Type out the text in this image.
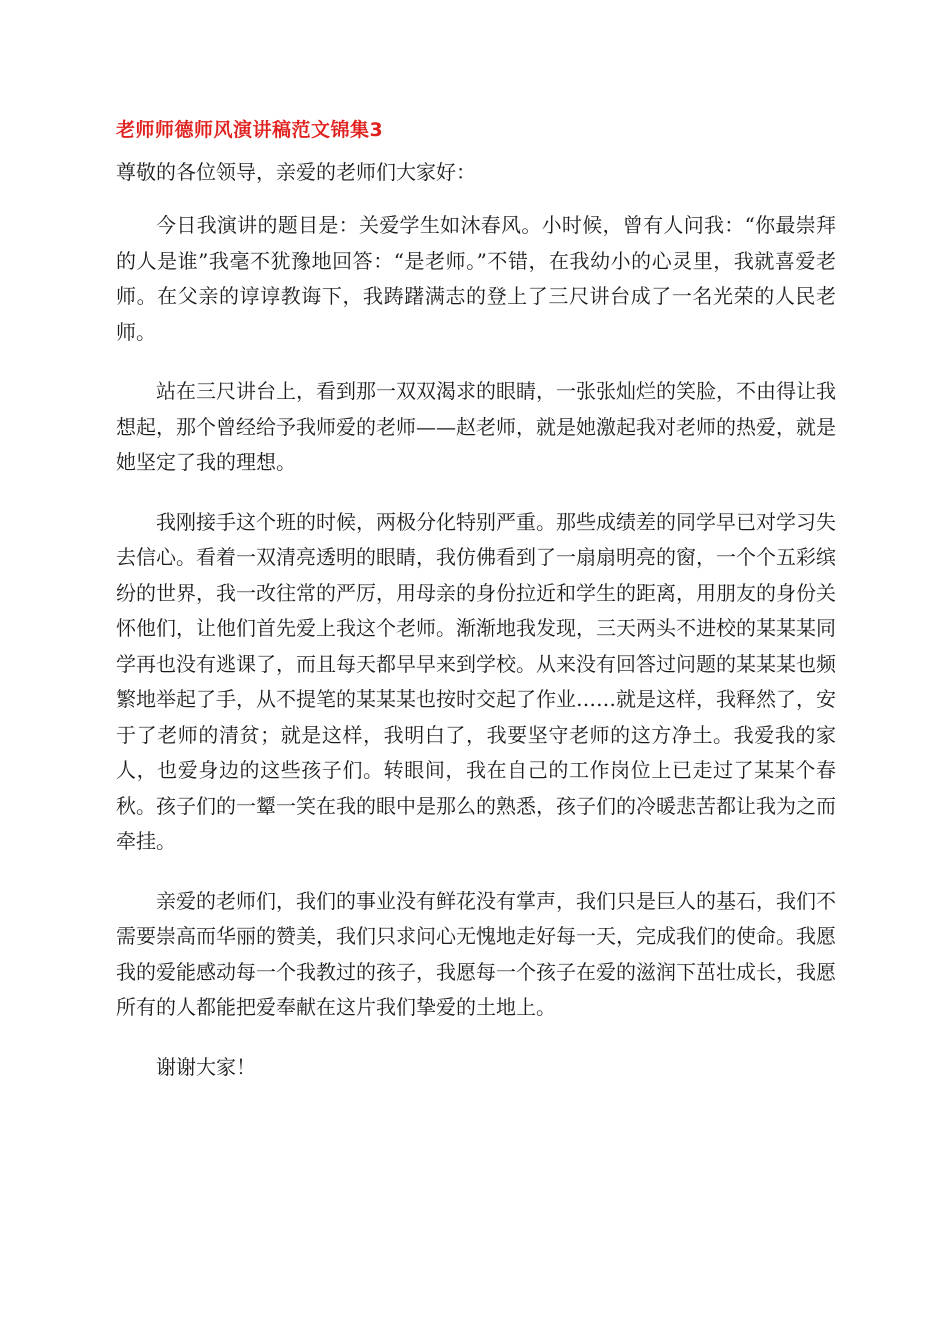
老师师德师风演讲稿范文锦集3

尊敬的各位领导，亲爱的老师们大家好：

今日我演讲的题目是：关爱学生如沐春风。小时候，曾有人问我：“你最崇拜的人是谁”我毫不犹豫地回答：“是老师。”不错，在我幼小的心灵里，我就喜爱老师。在父亲的谆谆教诲下，我踌躇满志的登上了三尺讲台成了一名光荣的人民老师。

站在三尺讲台上，看到那一双双渴求的眼睛，一张张灿烂的笑脸，不由得让我想起，那个曾经给予我师爱的老师——赵老师，就是她激起我对老师的热爱，就是她坚定了我的理想。

我刚接手这个班的时候，两极分化特别严重。那些成绩差的同学早已对学习失去信心。看着一双清亮透明的眼睛，我仿佛看到了一扇扇明亮的窗，一个个五彩缤纷的世界，我一改往常的严厉，用母亲的身份拉近和学生的距离，用朋友的身份关怀他们，让他们首先爱上我这个老师。渐渐地我发现，三天两头不进校的某某某同学再也没有逃课了，而且每天都早早来到学校。从来没有回答过问题的某某某也频繁地举起了手，从不提笔的某某某也按时交起了作业……就是这样，我释然了，安于了老师的清贫；就是这样，我明白了，我要坚守老师的这方净土。我爱我的家人，也爱身边的这些孩子们。转眼间，我在自己的工作岗位上已走过了某某个春秋。孩子们的一颦一笑在我的眼中是那么的熟悉，孩子们的冷暖悲苦都让我为之而牵挂。

亲爱的老师们，我们的事业没有鲜花没有掌声，我们只是巨人的基石，我们不需要崇高而华丽的赞美，我们只求问心无愧地走好每一天，完成我们的使命。我愿我的爱能感动每一个我教过的孩子，我愿每一个孩子在爱的滋润下茁壮成长，我愿所有的人都能把爱奉献在这片我们挚爱的土地上。

谢谢大家！
